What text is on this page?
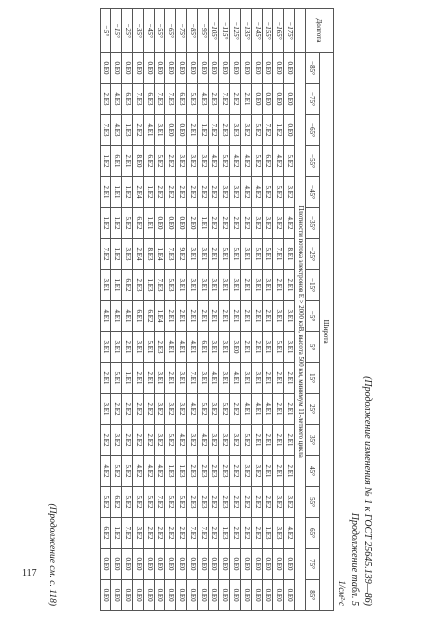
(Продолжение изменения № 1 к ГОСТ 25645.139—86)
Продолжение табл. 5
1/см²·с
Долгота	Широта																	
	−85°	−75°	−65°	−55°	−45°	−35°	−25°	−15°	−5°	5°	15°	25°	35°	45°	55°	65°	75°	85°
	Плотности потока электронов E > 2000 кэВ, высота 500 км, минимум 11-летнего цикла																	
−175°	0.E0	0.E0	0.E0	5.E2	3.E2	4.E2	8.E1	2.E1	3.E1	3.E1	2.E1	2.E1	2.E1	2.E1	3.E2	4.E2	0.E0	0.E0
−165°	0.E0	0.E0	1.E2	4.E2	5.E2	3.E2	7.E1	2.E1	3.E1	5.E1	2.E1	2.E1	2.E1	2.E1	3.E2	3.E3	0.E0	0.E0
−155°	0.E0	0.E0	7.E2	6.E2	5.E2	3.E2	5.E1	3.E1	2.E1	3.E1	2.E1	4.E1	2.E1	2.E1	2.E2	1.E3	0.E0	0.E0
−145°	0.E0	0.E0	5.E2	5.E2	4.E2	3.E2	5.E1	3.E1	2.E1	2.E1	3.E1	4.E1	2.E1	3.E2	2.E2	2.E2	0.E0	0.E0
−135°	0.E0	2.E1	3.E2	4.E2	4.E2	2.E2	3.E1	2.E1	2.E1	2.E1	3.E1	4.E1	5.E2	3.E2	2.E2	2.E2	0.E0	0.E0
−125°	0.E0	2.E2	3.E3	4.E2	3.E2	2.E2	5.E1	3.E1	2.E1	3.E0	4.E1	2.E2	3.E2	2.E2	2.E2	2.E2	0.E0	0.E0
−115°	0.E0	7.E2	2.E3	5.E2	3.E2	2.E2	5.E1	3.E1	2.E1	3.E1	3.E1	5.E2	3.E2	2.E3	2.E3	1.E3	0.E0	0.E0
−105°	0.E0	2.E3	7.E2	4.E2	2.E2	2.E2	2.E1	3.E1	2.E1	3.E1	4.E1	3.E2	3.E2	2.E3	2.E2	2.E2	0.E0	0.E0
−95°	0.E0	4.E3	1.E2	3.E2	2.E2	1.E1	3.E1	3.E1	2.E1	6.E1	3.E1	5.E2	4.E2	2.E3	2.E3	7.E2	0.E0	0.E0
−85°	0.E0	5.E3	2.E1	3.E2	2.E2	2.E0	3.E1	3.E1	2.E1	4.E1	7.E1	4.E2	3.E2	2.E3	2.E3	7.E2	0.E0	0.E0
−75°	0.E0	6.E3	0.E0	3.E2	2.E2	0.E0	9.E2	3.E1	2.E1	4.E1	3.E1	3.E2	4.E2	1.E3	5.E2	2.E2	0.E0	0.E0
−65°	0.E0	7.E3	0.E0	2.E2	2.E2	0.E0	7.E3	5.E3	2.E1	4.E1	2.E1	3.E2	5.E2	1.E3	5.E2	2.E2	0.E0	0.E0
−55°	0.E0	7.E3	3.E1	5.E2	2.E2	0.E0	1.E4	7.E3	1.E4	2.E3	3.E1	3.E2	3.E2	4.E2	7.E2	2.E2	0.E0	0.E0
−45°	0.E0	6.E3	4.E1	6.E2	1.E2	1.E1	8.E3	1.E3	6.E2	5.E1	2.E1	2.E2	2.E2	4.E2	5.E2	2.E2	0.E0	0.E0
−35°	0.E0	7.E3	2.E2	8.E0	2.E4	6.E2	2.E4	2.E3	6.E1	3.E1	2.E1	2.E2	2.E2	4.E2	5.E2	3.E2	0.E0	0.E0
−25°	0.E0	6.E3	1.E3	2.E1	1.E2	5.E2	3.E3	6.E2	4.E1	2.E1	1.E1	2.E2	2.E2	5.E2	5.E2	7.E2	0.E0	0.E0
−15°	0.E0	4.E3	4.E3	6.E1	1.E1	1.E2	1.E2	1.E1	4.E1	3.E1	5.E1	2.E2	3.E2	5.E2	6.E2	1.E2	0.E0	0.E0
−5°	0.E0	2.E3	7.E3	1.E2	2.E1	1.E2	7.E2	3.E1	4.E1	3.E1	2.E1	3.E1	2.E2	4.E2	5.E2	6.E2	0.E0	0.E0
(Продолжение см. с. 118)
117
